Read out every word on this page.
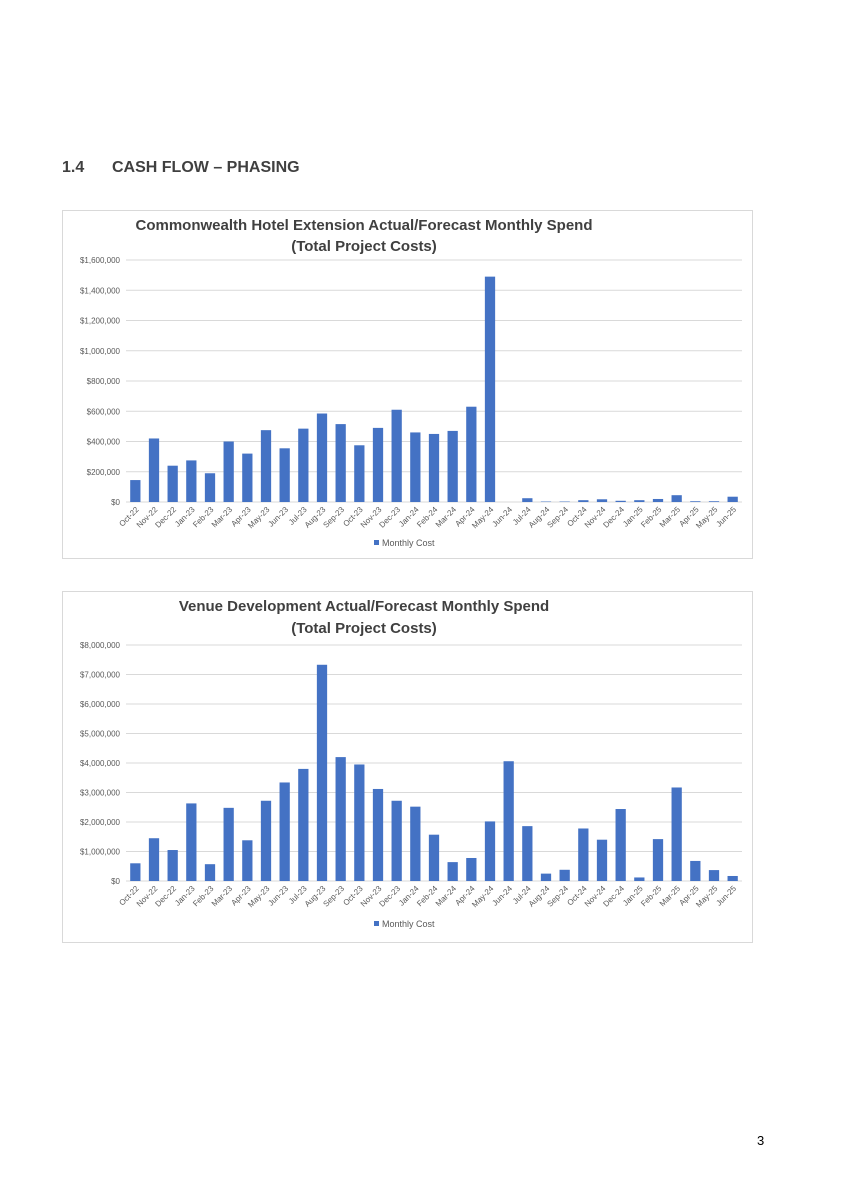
1.4 CASH FLOW – PHASING
Commonwealth Hotel Extension Actual/Forecast Monthly Spend
(Total Project Costs)
$0
$200,000
$400,000
$600,000
$800,000
$1,000,000
$1,200,000
$1,400,000
$1,600,000
Oct-22
Nov-22
Dec-22
Jan-23
Feb-23
Mar-23
Apr-23
May-23
Jun-23
Jul-23
Aug-23
Sep-23
Oct-23
Nov-23
Dec-23
Jan-24
Feb-24
Mar-24
Apr-24
May-24
Jun-24
Jul-24
Aug-24
Sep-24
Oct-24
Nov-24
Dec-24
Jan-25
Feb-25
Mar-25
Apr-25
May-25
Jun-25
Monthly Cost
Venue Development Actual/Forecast Monthly Spend
(Total Project Costs)
$0
$1,000,000
$2,000,000
$3,000,000
$4,000,000
$5,000,000
$6,000,000
$7,000,000
$8,000,000
Oct-22
Nov-22
Dec-22
Jan-23
Feb-23
Mar-23
Apr-23
May-23
Jun-23
Jul-23
Aug-23
Sep-23
Oct-23
Nov-23
Dec-23
Jan-24
Feb-24
Mar-24
Apr-24
May-24
Jun-24
Jul-24
Aug-24
Sep-24
Oct-24
Nov-24
Dec-24
Jan-25
Feb-25
Mar-25
Apr-25
May-25
Jun-25
Monthly Cost
3
